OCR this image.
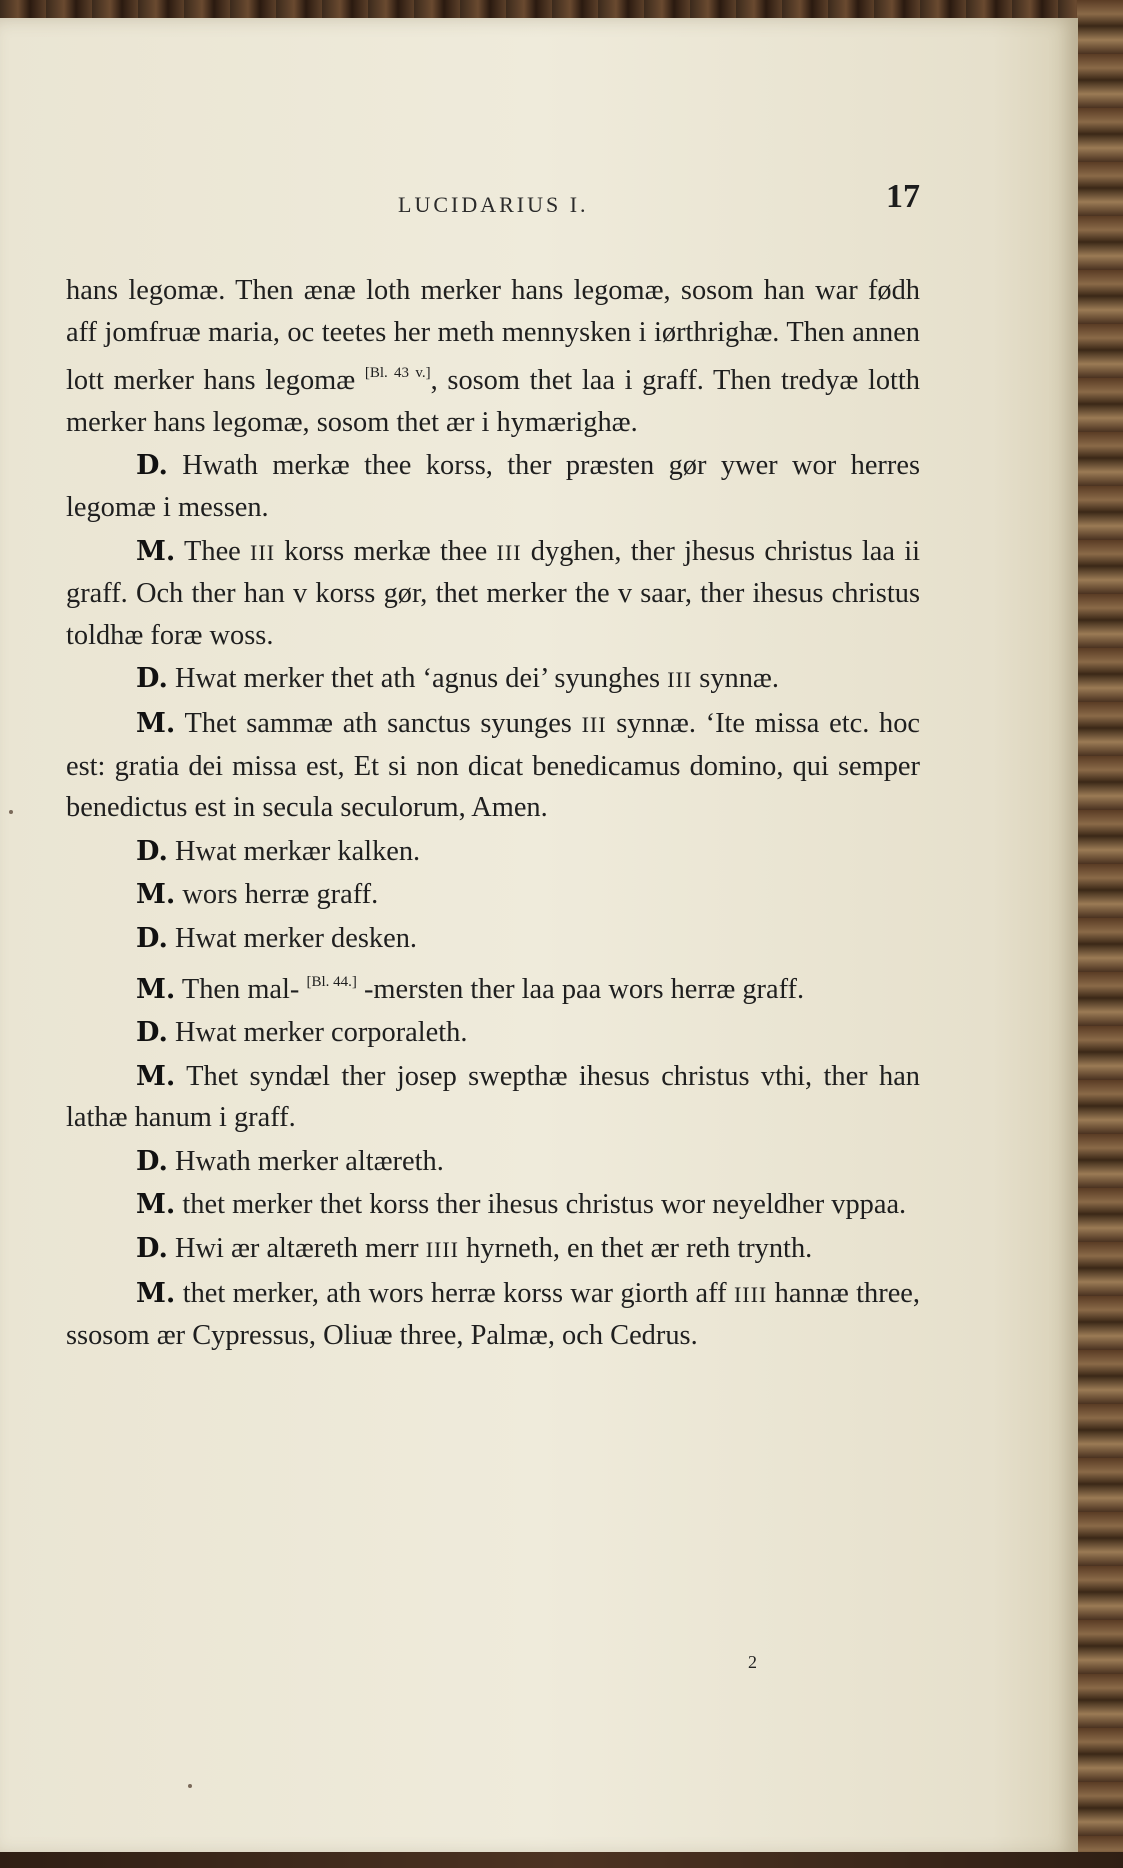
LUCIDARIUS I.	17

hans legomæ. Then ænæ loth merker hans legomæ, sosom han war fødh aff jomfruæ maria, oc teetes her meth mennysken i iørthrighæ. Then annen lott merker hans legomæ [Bl. 43 v.], sosom thet laa i graff. Then tredyæ lotth merker hans legomæ, sosom thet ær i hymærighæ.

D. Hwath merkæ thee korss, ther præsten gør ywer wor herres legomæ i messen.

M. Thee III korss merkæ thee III dyghen, ther jhesus christus laa ii graff. Och ther han v korss gør, thet merker the v saar, ther ihesus christus toldhæ foræ woss.

D. Hwat merker thet ath ‘agnus dei’ syunghes III synnæ.

M. Thet sammæ ath sanctus syunges III synnæ. ‘Ite missa etc. hoc est: gratia dei missa est, Et si non dicat benedicamus domino, qui semper benedictus est in secula seculorum, Amen.

D. Hwat merkær kalken.

M. wors herræ graff.

D. Hwat merker desken.

M. Then mal- [Bl. 44.] -mersten ther laa paa wors herræ graff.

D. Hwat merker corporaleth.

M. Thet syndæl ther josep swepthæ ihesus christus vthi, ther han lathæ hanum i graff.

D. Hwath merker altæreth.

M. thet merker thet korss ther ihesus christus wor neyeldher vppaa.

D. Hwi ær altæreth merr IIII hyrneth, en thet ær reth trynth.

M. thet merker, ath wors herræ korss war giorth aff IIII hannæ three, ssosom ær Cypressus, Oliuæ three, Palmæ, och Cedrus.

2
